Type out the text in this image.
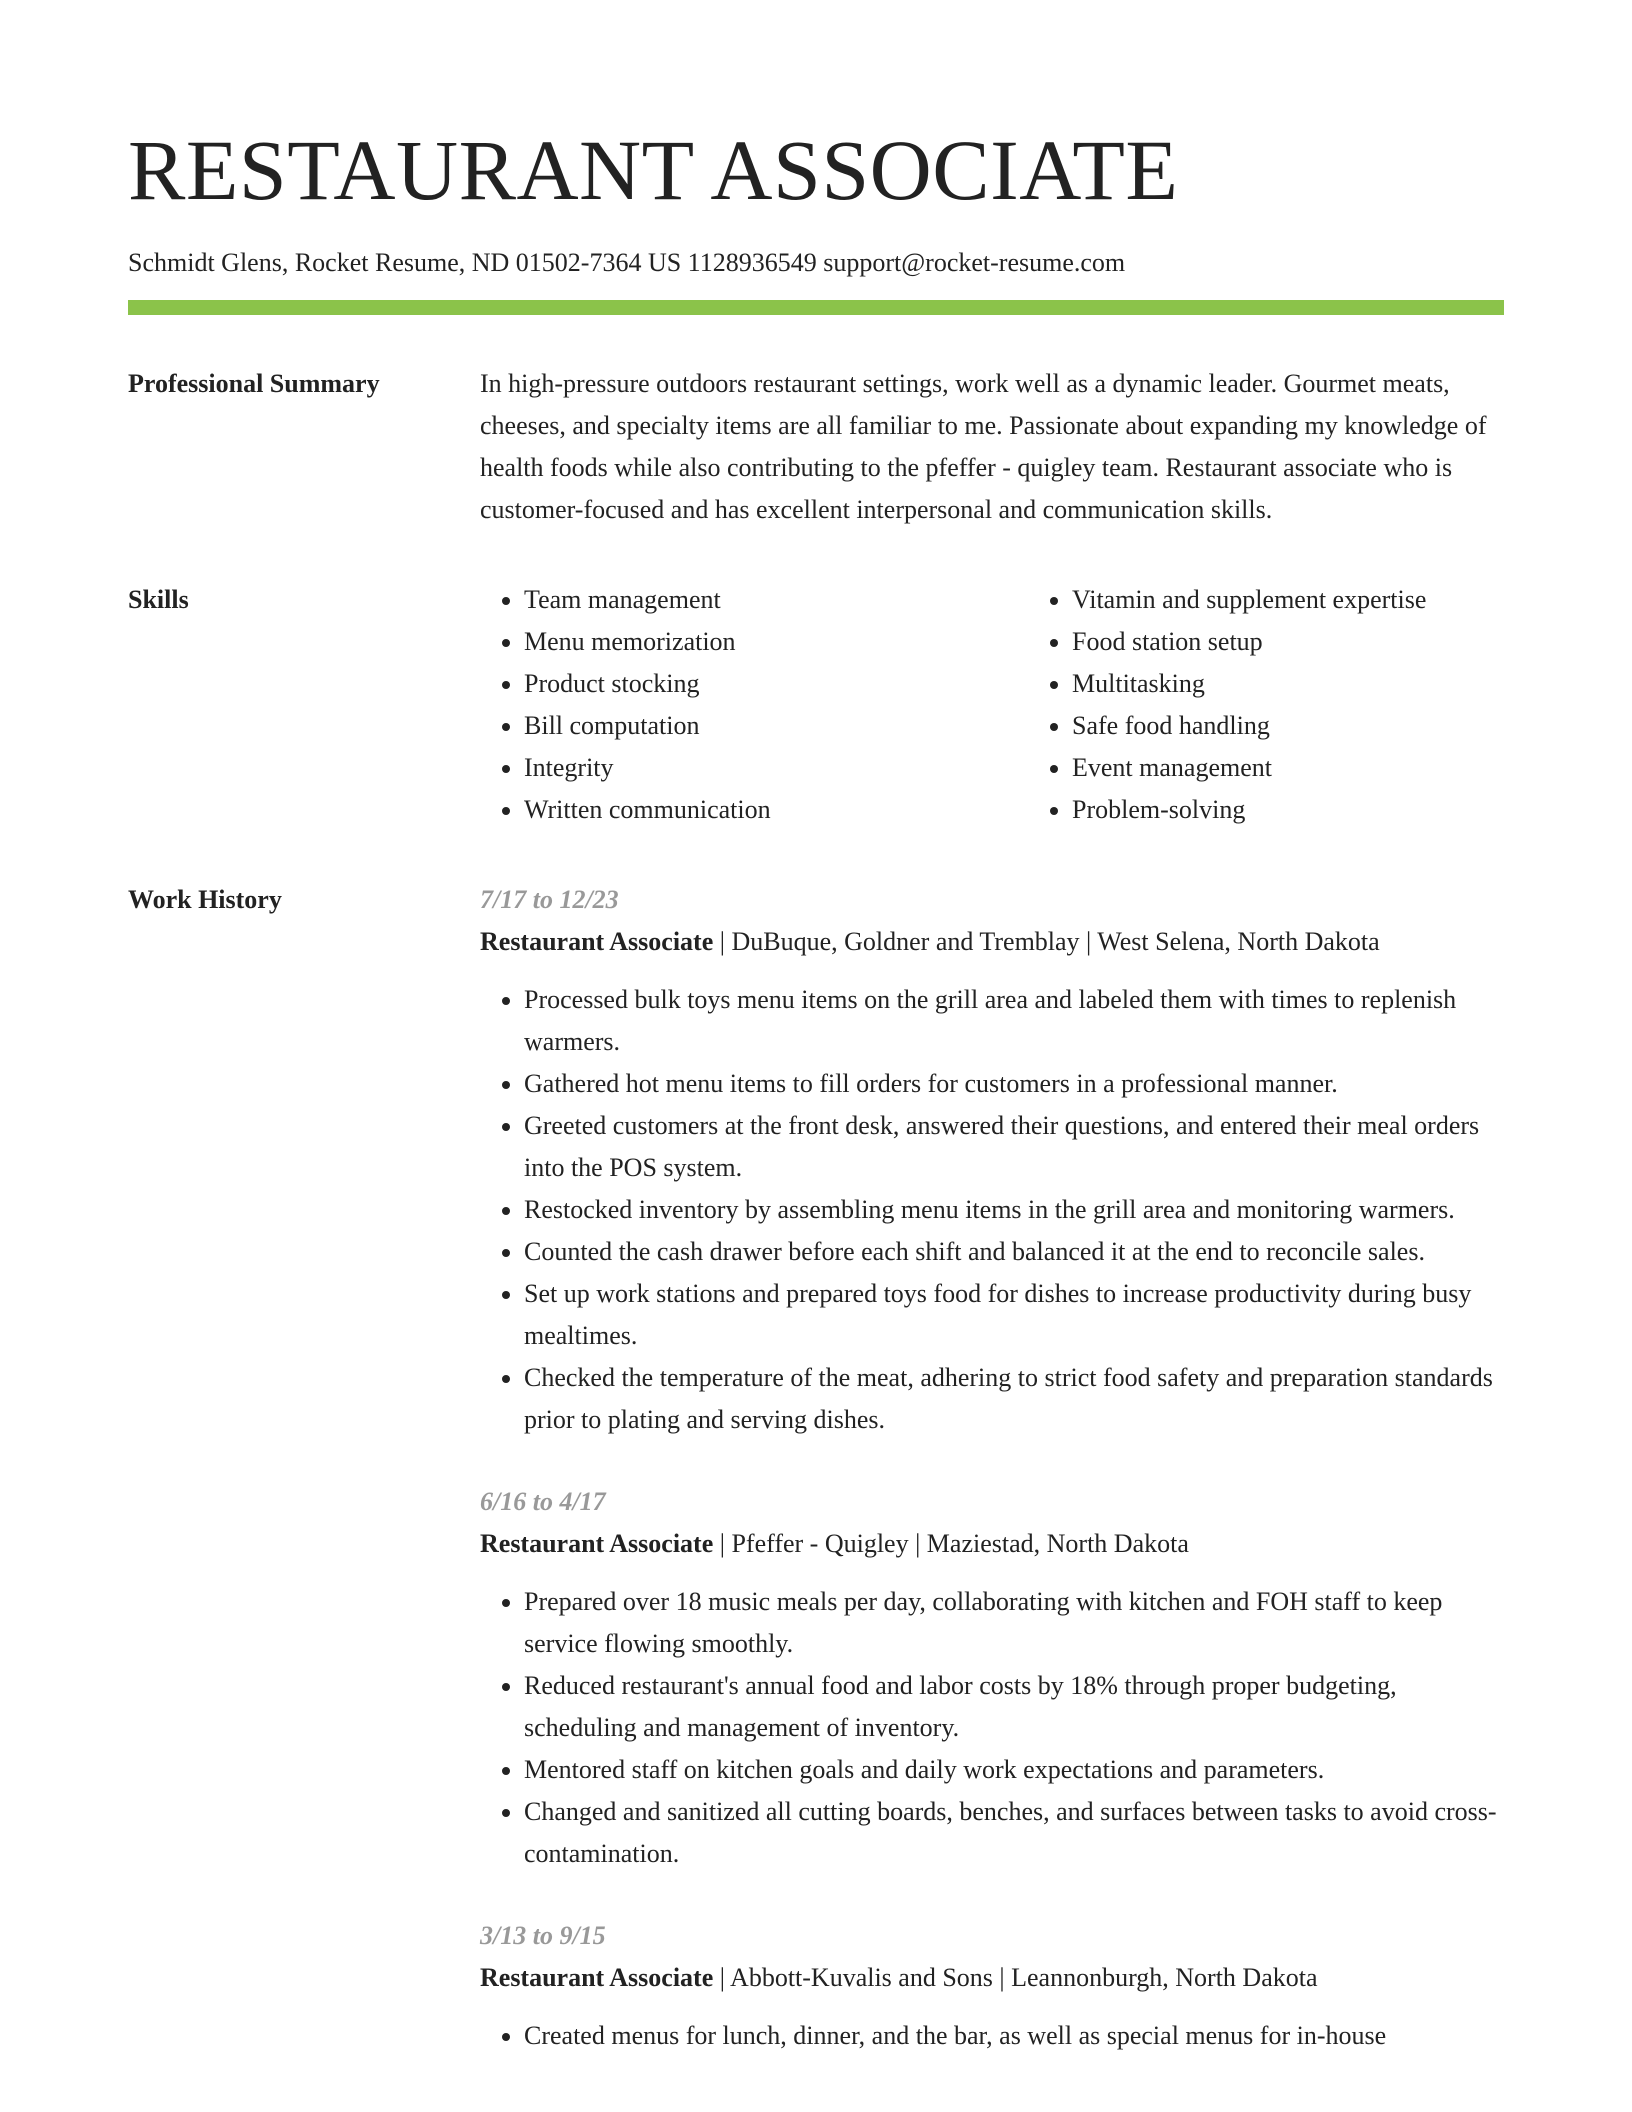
RESTAURANT ASSOCIATE
Schmidt Glens, Rocket Resume, ND 01502-7364 US 1128936549 support@rocket-resume.com
Professional Summary	In high-pressure outdoors restaurant settings, work well as a dynamic leader. Gourmet meats, cheeses, and specialty items are all familiar to me. Passionate about expanding my knowledge of health foods while also contributing to the pfeffer - quigley team. Restaurant associate who is customer-focused and has excellent interpersonal and communication skills.

Skills
•	Team management
• Menu memorization
• Product stocking
• Bill computation
• Integrity
• Written communication
• Vitamin and supplement expertise
• Food station setup
• Multitasking
• Safe food handling
• Event management
• Problem-solving
Work History	7/17 to 12/23
Restaurant Associate | DuBuque, Goldner and Tremblay | West Selena, North Dakota
• Processed bulk toys menu items on the grill area and labeled them with times to replenish warmers.
• Gathered hot menu items to fill orders for customers in a professional manner.
• Greeted customers at the front desk, answered their questions, and entered their meal orders into the POS system.
• Restocked inventory by assembling menu items in the grill area and monitoring warmers.
• Counted the cash drawer before each shift and balanced it at the end to reconcile sales.
• Set up work stations and prepared toys food for dishes to increase productivity during busy mealtimes.
• Checked the temperature of the meat, adhering to strict food safety and preparation standards prior to plating and serving dishes.
6/16 to 4/17
Restaurant Associate | Pfeffer - Quigley | Maziestad, North Dakota
• Prepared over 18 music meals per day, collaborating with kitchen and FOH staff to keep service flowing smoothly.
• Reduced restaurant's annual food and labor costs by 18% through proper budgeting, scheduling and management of inventory.
• Mentored staff on kitchen goals and daily work expectations and parameters.
• Changed and sanitized all cutting boards, benches, and surfaces between tasks to avoid cross-contamination.
3/13 to 9/15
Restaurant Associate | Abbott-Kuvalis and Sons | Leannonburgh, North Dakota
• Created menus for lunch, dinner, and the bar, as well as special menus for in-house
